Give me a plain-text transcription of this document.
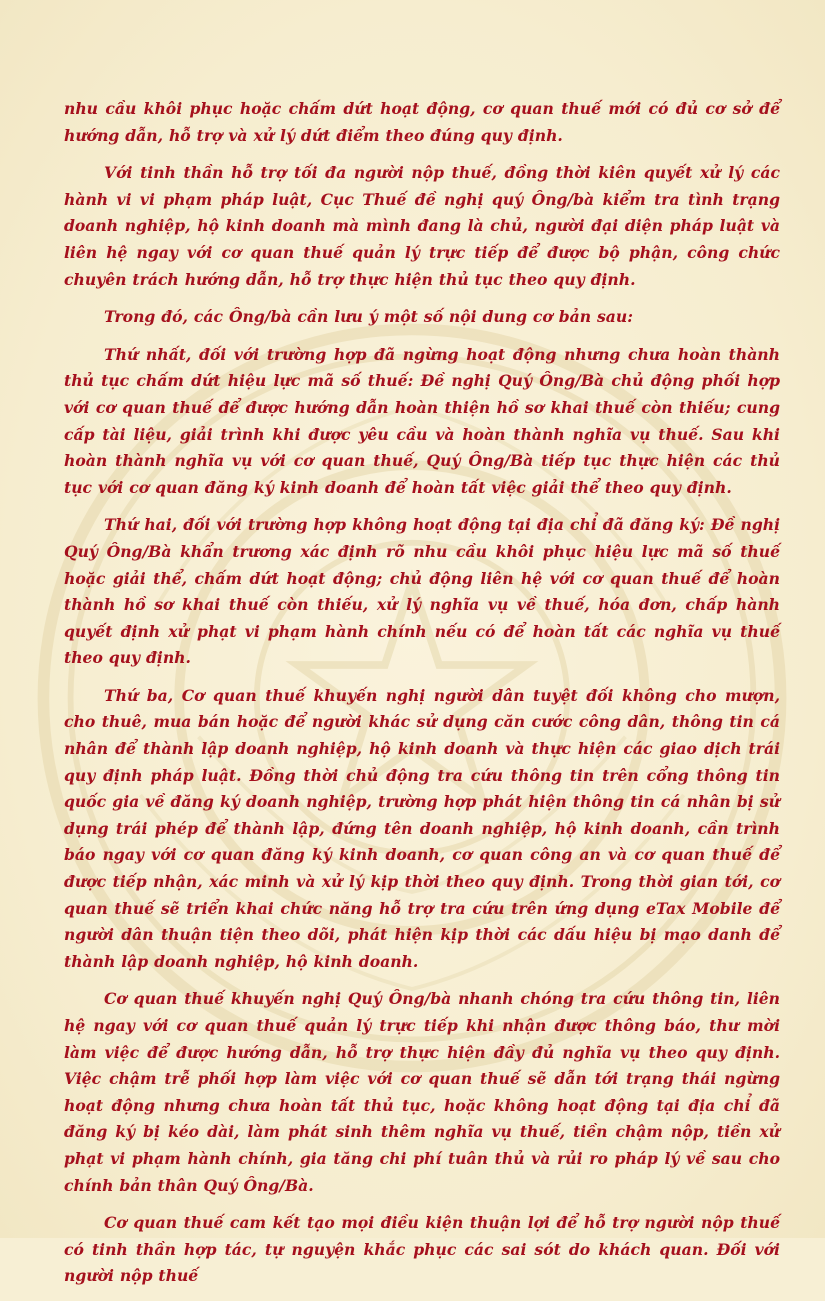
nhu cầu khôi phục hoặc chấm dứt hoạt động, cơ quan thuế mới có đủ cơ sở để hướng dẫn, hỗ trợ và xử lý dứt điểm theo đúng quy định.

Với tinh thần hỗ trợ tối đa người nộp thuế, đồng thời kiên quyết xử lý các hành vi vi phạm pháp luật, Cục Thuế đề nghị quý Ông/bà kiểm tra tình trạng doanh nghiệp, hộ kinh doanh mà mình đang là chủ, người đại diện pháp luật và liên hệ ngay với cơ quan thuế quản lý trực tiếp để được bộ phận, công chức chuyên trách hướng dẫn, hỗ trợ thực hiện thủ tục theo quy định.

Trong đó, các Ông/bà cần lưu ý một số nội dung cơ bản sau:

Thứ nhất, đối với trường hợp đã ngừng hoạt động nhưng chưa hoàn thành thủ tục chấm dứt hiệu lực mã số thuế: Đề nghị Quý Ông/Bà chủ động phối hợp với cơ quan thuế để được hướng dẫn hoàn thiện hồ sơ khai thuế còn thiếu; cung cấp tài liệu, giải trình khi được yêu cầu và hoàn thành nghĩa vụ thuế. Sau khi hoàn thành nghĩa vụ với cơ quan thuế, Quý Ông/Bà tiếp tục thực hiện các thủ tục với cơ quan đăng ký kinh doanh để hoàn tất việc giải thể theo quy định.

Thứ hai, đối với trường hợp không hoạt động tại địa chỉ đã đăng ký: Đề nghị Quý Ông/Bà khẩn trương xác định rõ nhu cầu khôi phục hiệu lực mã số thuế hoặc giải thể, chấm dứt hoạt động; chủ động liên hệ với cơ quan thuế để hoàn thành hồ sơ khai thuế còn thiếu, xử lý nghĩa vụ về thuế, hóa đơn, chấp hành quyết định xử phạt vi phạm hành chính nếu có để hoàn tất các nghĩa vụ thuế theo quy định.

Thứ ba, Cơ quan thuế khuyến nghị người dân tuyệt đối không cho mượn, cho thuê, mua bán hoặc để người khác sử dụng căn cước công dân, thông tin cá nhân để thành lập doanh nghiệp, hộ kinh doanh và thực hiện các giao dịch trái quy định pháp luật. Đồng thời chủ động tra cứu thông tin trên cổng thông tin quốc gia về đăng ký doanh nghiệp, trường hợp phát hiện thông tin cá nhân bị sử dụng trái phép để thành lập, đứng tên doanh nghiệp, hộ kinh doanh, cần trình báo ngay với cơ quan đăng ký kinh doanh, cơ quan công an và cơ quan thuế để được tiếp nhận, xác minh và xử lý kịp thời theo quy định. Trong thời gian tới, cơ quan thuế sẽ triển khai chức năng hỗ trợ tra cứu trên ứng dụng eTax Mobile để người dân thuận tiện theo dõi, phát hiện kịp thời các dấu hiệu bị mạo danh để thành lập doanh nghiệp, hộ kinh doanh.

Cơ quan thuế khuyến nghị Quý Ông/bà nhanh chóng tra cứu thông tin, liên hệ ngay với cơ quan thuế quản lý trực tiếp khi nhận được thông báo, thư mời làm việc để được hướng dẫn, hỗ trợ thực hiện đầy đủ nghĩa vụ theo quy định. Việc chậm trễ phối hợp làm việc với cơ quan thuế sẽ dẫn tới trạng thái ngừng hoạt động nhưng chưa hoàn tất thủ tục, hoặc không hoạt động tại địa chỉ đã đăng ký bị kéo dài, làm phát sinh thêm nghĩa vụ thuế, tiền chậm nộp, tiền xử phạt vi phạm hành chính, gia tăng chi phí tuân thủ và rủi ro pháp lý về sau cho chính bản thân Quý Ông/Bà.

Cơ quan thuế cam kết tạo mọi điều kiện thuận lợi để hỗ trợ người nộp thuế có tinh thần hợp tác, tự nguyện khắc phục các sai sót do khách quan. Đối với người nộp thuế
